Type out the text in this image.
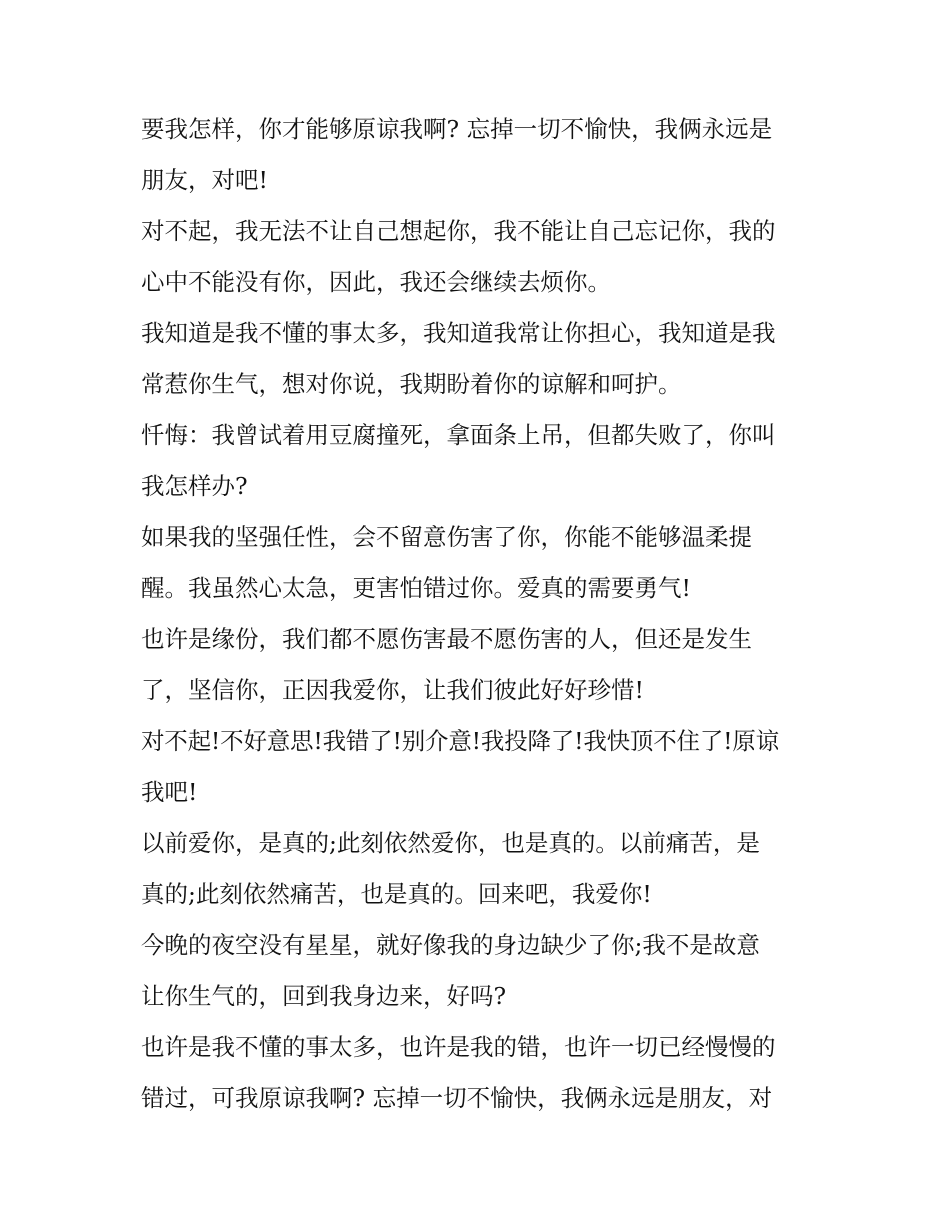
要我怎样，你才能够原谅我啊? 忘掉一切不愉快，我俩永远是
朋友，对吧!
对不起，我无法不让自己想起你，我不能让自己忘记你，我的
心中不能没有你，因此，我还会继续去烦你。
我知道是我不懂的事太多，我知道我常让你担心，我知道是我
常惹你生气，想对你说，我期盼着你的谅解和呵护。
忏悔：我曾试着用豆腐撞死，拿面条上吊，但都失败了，你叫
我怎样办?
如果我的坚强任性，会不留意伤害了你，你能不能够温柔提
醒。我虽然心太急，更害怕错过你。爱真的需要勇气!
也许是缘份，我们都不愿伤害最不愿伤害的人，但还是发生
了，坚信你，正因我爱你，让我们彼此好好珍惜!
对不起!不好意思!我错了!别介意!我投降了!我快顶不住了!原谅
我吧!
以前爱你，是真的;此刻依然爱你，也是真的。以前痛苦，是
真的;此刻依然痛苦，也是真的。回来吧，我爱你!
今晚的夜空没有星星，就好像我的身边缺少了你;我不是故意
让你生气的，回到我身边来，好吗?
也许是我不懂的事太多，也许是我的错，也许一切已经慢慢的
错过，可我原谅我啊? 忘掉一切不愉快，我俩永远是朋友，对
